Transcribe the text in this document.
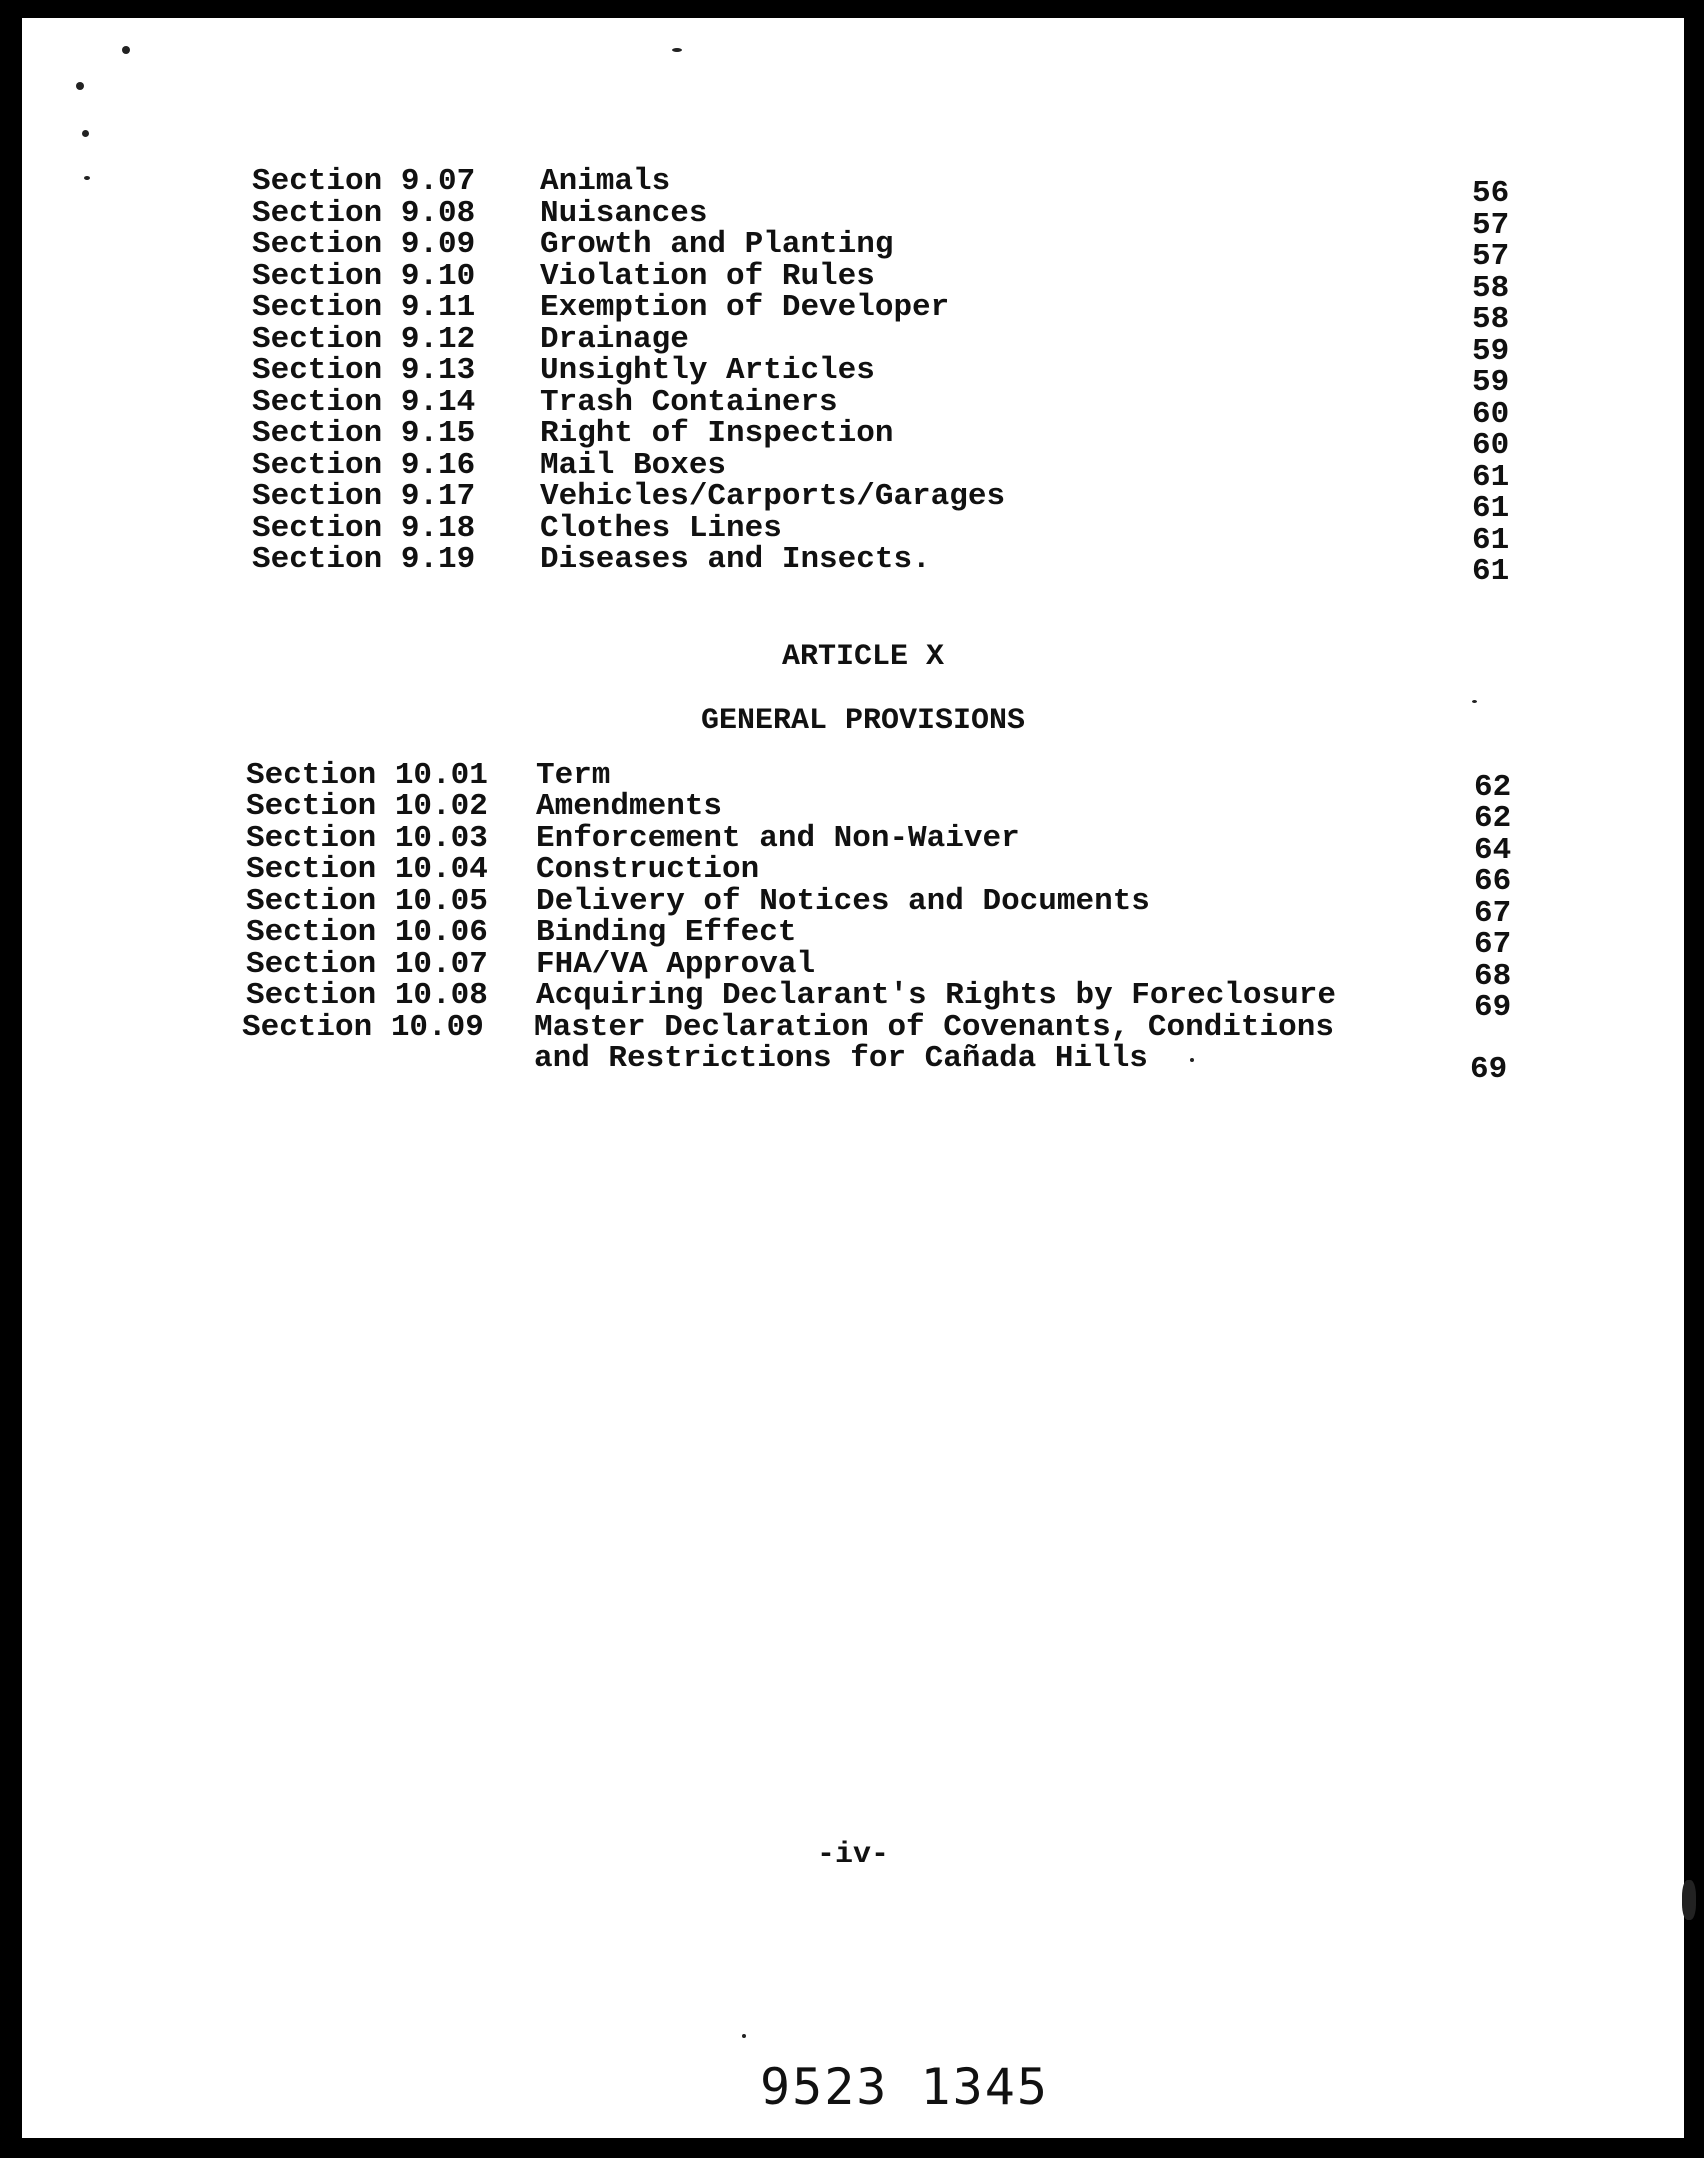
Section 9.07 Animals	56
Section 9.08 Nuisances	57
Section 9.09 Growth and Planting	57
Section 9.10 Violation of Rules	58
Section 9.11 Exemption of Developer	58
Section 9.12 Drainage	59
Section 9.13 Unsightly Articles	59
Section 9.14 Trash Containers	60
Section 9.15 Right of Inspection	60
Section 9.16 Mail Boxes	61
Section 9.17 Vehicles/Carports/Garages	61
Section 9.18 Clothes Lines	61
Section 9.19 Diseases and Insects.	61
ARTICLE X
GENERAL PROVISIONS
Section 10.01 Term	62
Section 10.02 Amendments	62
Section 10.03 Enforcement and Non-Waiver	64
Section 10.04 Construction	66
Section 10.05 Delivery of Notices and Documents	67
Section 10.06 Binding Effect	67
Section 10.07 FHA/VA Approval	68
Section 10.08 Acquiring Declarant's Rights by Foreclosure	69
Section 10.09 Master Declaration of Covenants, Conditions
and Restrictions for Cañada Hills	69
-iv-
9523 1345
